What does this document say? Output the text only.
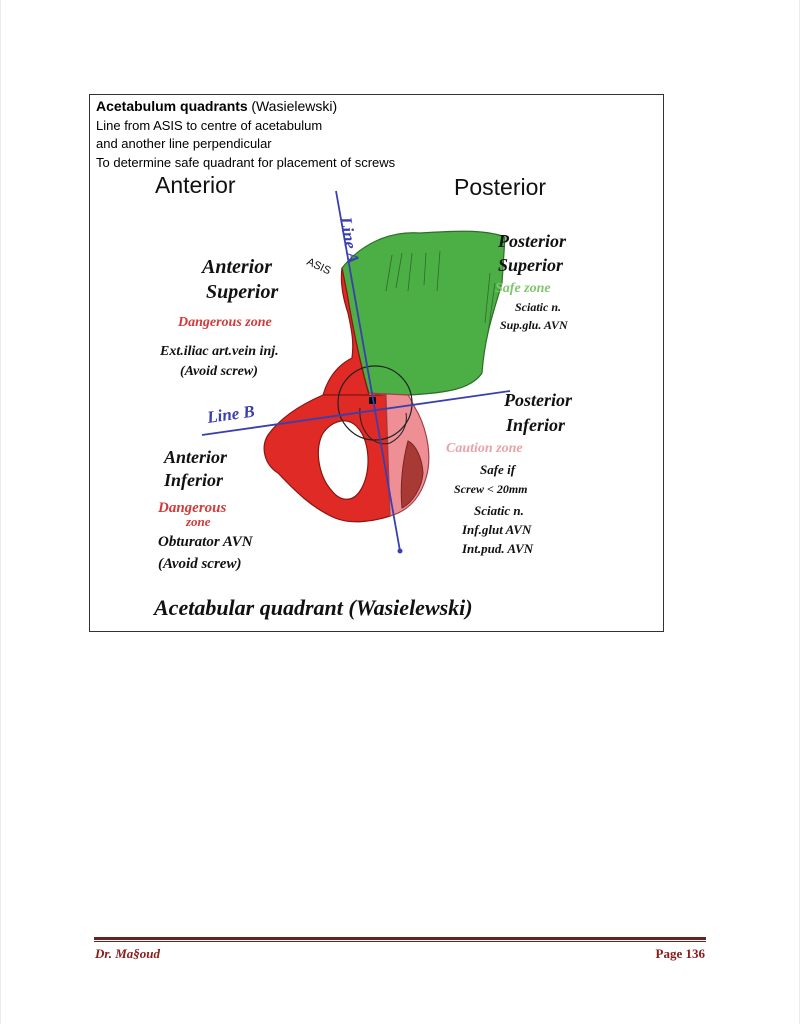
Acetabulum quadrants (Wasielewski)
Line from ASIS to centre of acetabulum
and another line perpendicular
To determine safe quadrant for placement of screws
Anterior	Posterior
Line A
Line B
ASIS
Anterior
Superior
Dangerous zone
Ext.iliac art.vein inj.
(Avoid screw)
Posterior
Superior
Safe zone
Sciatic n.
Sup.glu. AVN
Posterior
Inferior
Caution zone
Safe if
Screw < 20mm
Sciatic n.
Inf.glut AVN
Int.pud. AVN
Anterior
Inferior
Dangerous
zone
Obturator AVN
(Avoid screw)
Acetabular quadrant (Wasielewski)
Dr. Ma§oud	Page 136
